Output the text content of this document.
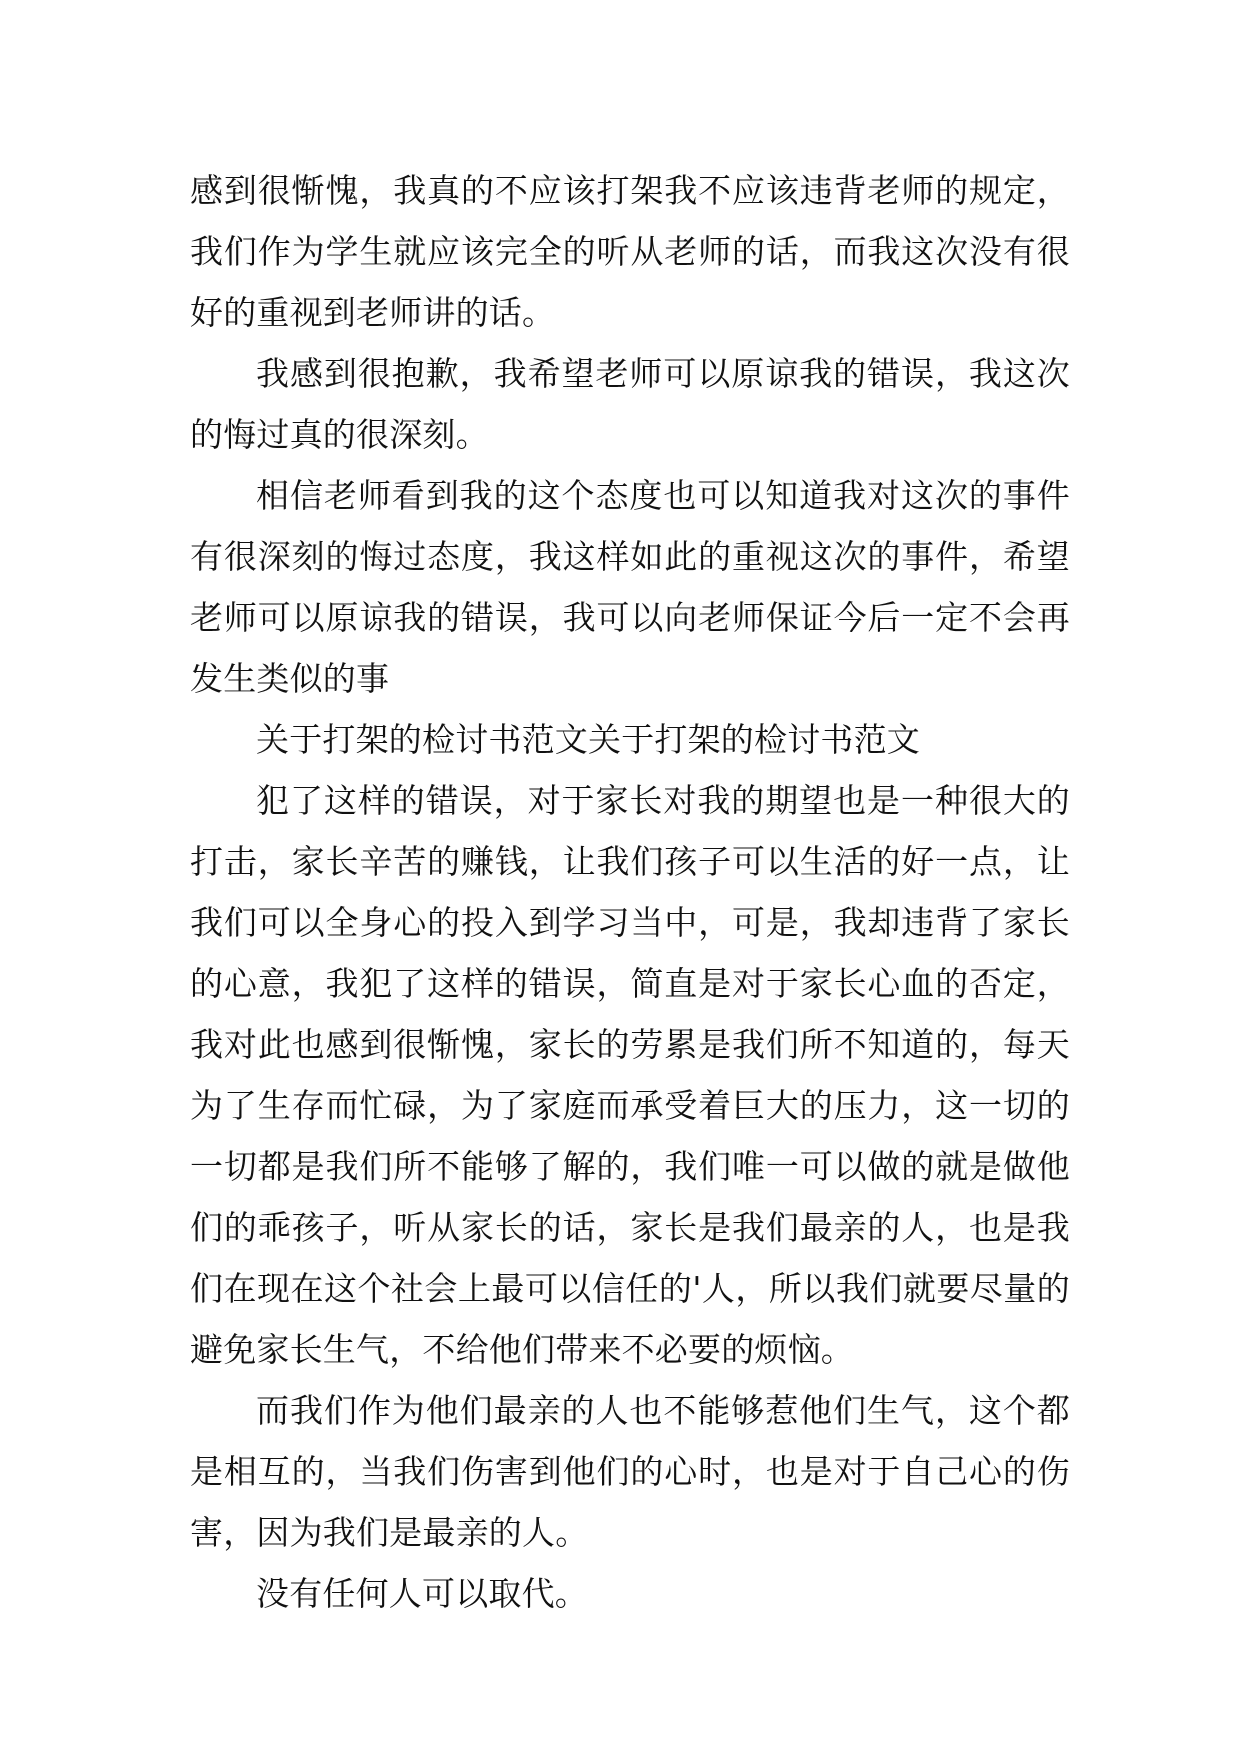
感到很惭愧，我真的不应该打架我不应该违背老师的规定，我们作为学生就应该完全的听从老师的话，而我这次没有很好的重视到老师讲的话。

我感到很抱歉，我希望老师可以原谅我的错误，我这次的悔过真的很深刻。

相信老师看到我的这个态度也可以知道我对这次的事件有很深刻的悔过态度，我这样如此的重视这次的事件，希望老师可以原谅我的错误，我可以向老师保证今后一定不会再发生类似的事

关于打架的检讨书范文关于打架的检讨书范文

犯了这样的错误，对于家长对我的期望也是一种很大的打击，家长辛苦的赚钱，让我们孩子可以生活的好一点，让我们可以全身心的投入到学习当中，可是，我却违背了家长的心意，我犯了这样的错误，简直是对于家长心血的否定，我对此也感到很惭愧，家长的劳累是我们所不知道的，每天为了生存而忙碌，为了家庭而承受着巨大的压力，这一切的一切都是我们所不能够了解的，我们唯一可以做的就是做他们的乖孩子，听从家长的话，家长是我们最亲的人，也是我们在现在这个社会上最可以信任的'人，所以我们就要尽量的避免家长生气，不给他们带来不必要的烦恼。

而我们作为他们最亲的人也不能够惹他们生气，这个都是相互的，当我们伤害到他们的心时，也是对于自己心的伤害，因为我们是最亲的人。

没有任何人可以取代。
